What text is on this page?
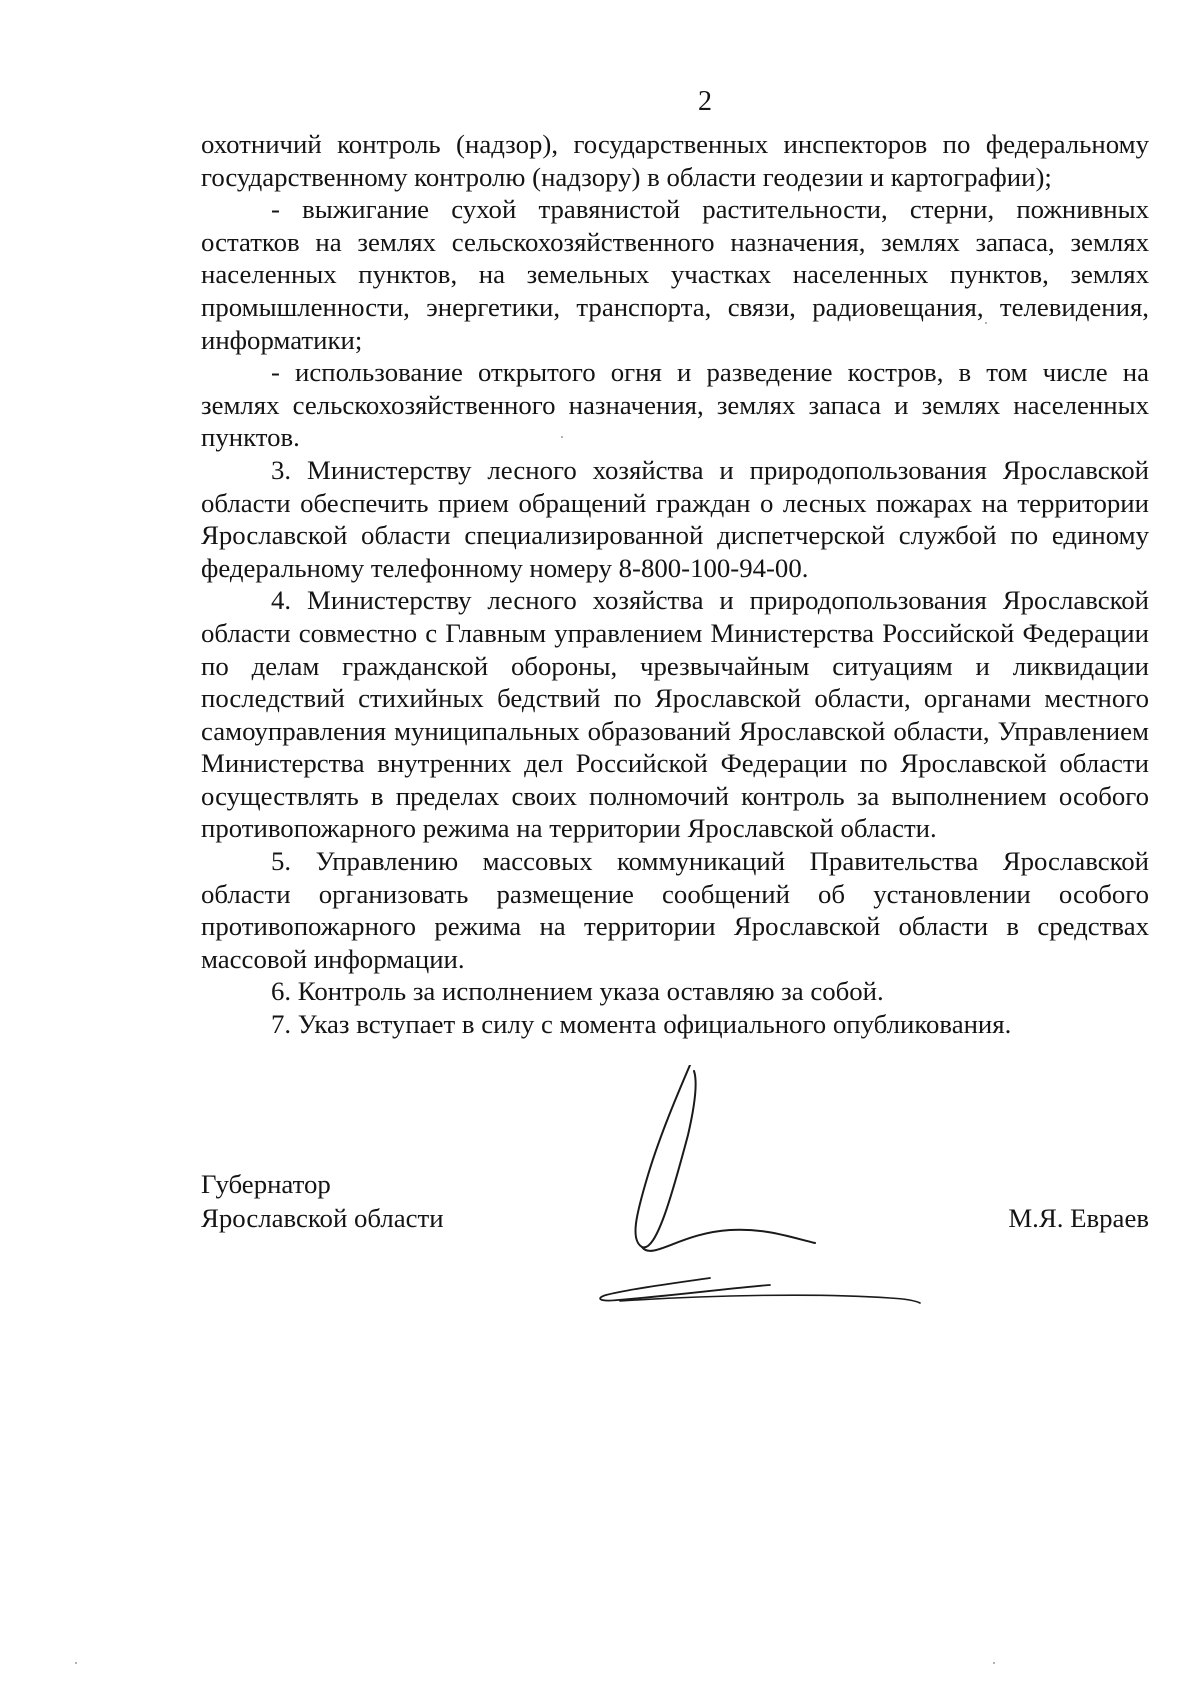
2

охотничий контроль (надзор), государственных инспекторов по федеральному государственному контролю (надзору) в области геодезии и картографии);

- выжигание сухой травянистой растительности, стерни, пожнивных остатков на землях сельскохозяйственного назначения, землях запаса, землях населенных пунктов, на земельных участках населенных пунктов, землях промышленности, энергетики, транспорта, связи, радиовещания, телевидения, информатики;

- использование открытого огня и разведение костров, в том числе на землях сельскохозяйственного назначения, землях запаса и землях населенных пунктов.

3. Министерству лесного хозяйства и природопользования Ярославской области обеспечить прием обращений граждан о лесных пожарах на территории Ярославской области специализированной диспетчерской службой по единому федеральному телефонному номеру 8-800-100-94-00.

4. Министерству лесного хозяйства и природопользования Ярославской области совместно с Главным управлением Министерства Российской Федерации по делам гражданской обороны, чрезвычайным ситуациям и ликвидации последствий стихийных бедствий по Ярославской области, органами местного самоуправления муниципальных образований Ярославской области, Управлением Министерства внутренних дел Российской Федерации по Ярославской области осуществлять в пределах своих полномочий контроль за выполнением особого противопожарного режима на территории Ярославской области.

5. Управлению массовых коммуникаций Правительства Ярославской области организовать размещение сообщений об установлении особого противопожарного режима на территории Ярославской области в средствах массовой информации.

6. Контроль за исполнением указа оставляю за собой.

7. Указ вступает в силу с момента официального опубликования.

Губернатор
Ярославской области	М.Я. Евраев
